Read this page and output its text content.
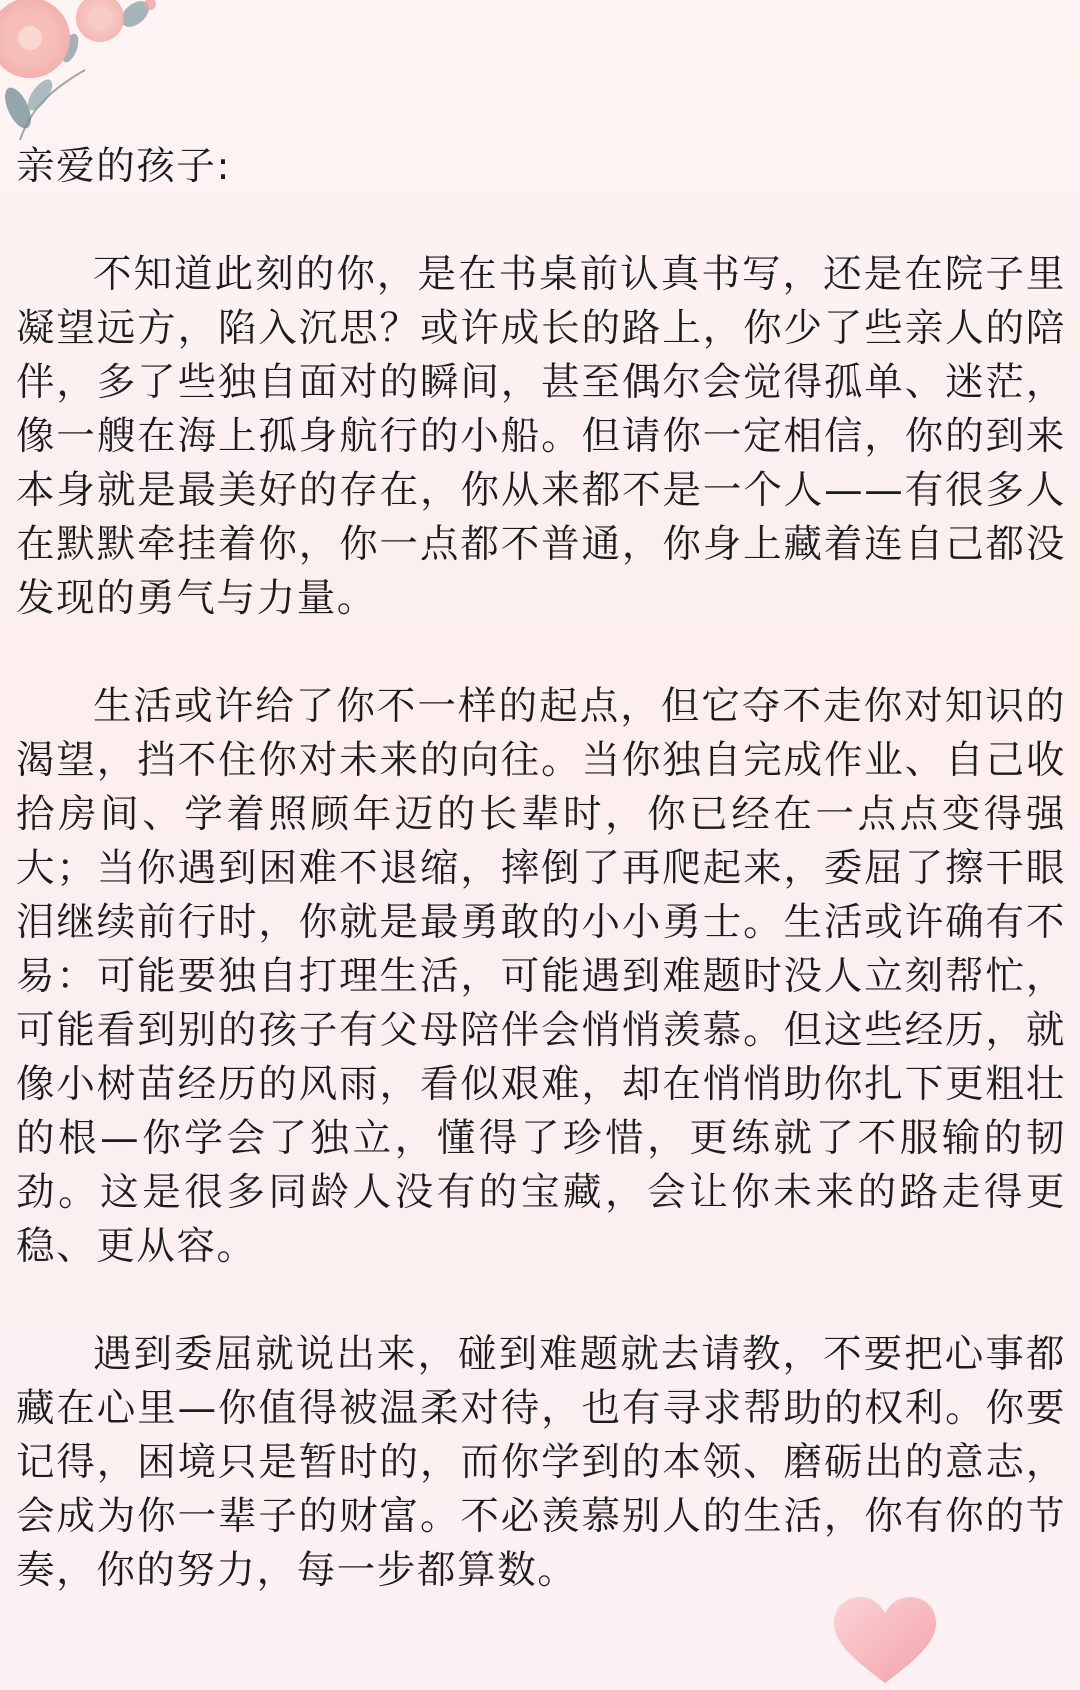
亲爱的孩子:

不知道此刻的你，是在书桌前认真书写，还是在院子里凝望远方，陷入沉思？或许成长的路上，你少了些亲人的陪伴，多了些独自面对的瞬间，甚至偶尔会觉得孤单、迷茫，像一艘在海上孤身航行的小船。但请你一定相信，你的到来本身就是最美好的存在，你从来都不是一个人——有很多人在默默牵挂着你，你一点都不普通，你身上藏着连自己都没发现的勇气与力量。

生活或许给了你不一样的起点，但它夺不走你对知识的渴望，挡不住你对未来的向往。当你独自完成作业、自己收拾房间、学着照顾年迈的长辈时，你已经在一点点变得强大；当你遇到困难不退缩，摔倒了再爬起来，委屈了擦干眼泪继续前行时，你就是最勇敢的小小勇士。生活或许确有不易：可能要独自打理生活，可能遇到难题时没人立刻帮忙，可能看到别的孩子有父母陪伴会悄悄羡慕。但这些经历，就像小树苗经历的风雨，看似艰难，却在悄悄助你扎下更粗壮的根—你学会了独立，懂得了珍惜，更练就了不服输的韧劲。这是很多同龄人没有的宝藏，会让你未来的路走得更稳、更从容。

遇到委屈就说出来，碰到难题就去请教，不要把心事都藏在心里—你值得被温柔对待，也有寻求帮助的权利。你要记得，困境只是暂时的，而你学到的本领、磨砺出的意志，会成为你一辈子的财富。不必羡慕别人的生活，你有你的节奏，你的努力，每一步都算数。
